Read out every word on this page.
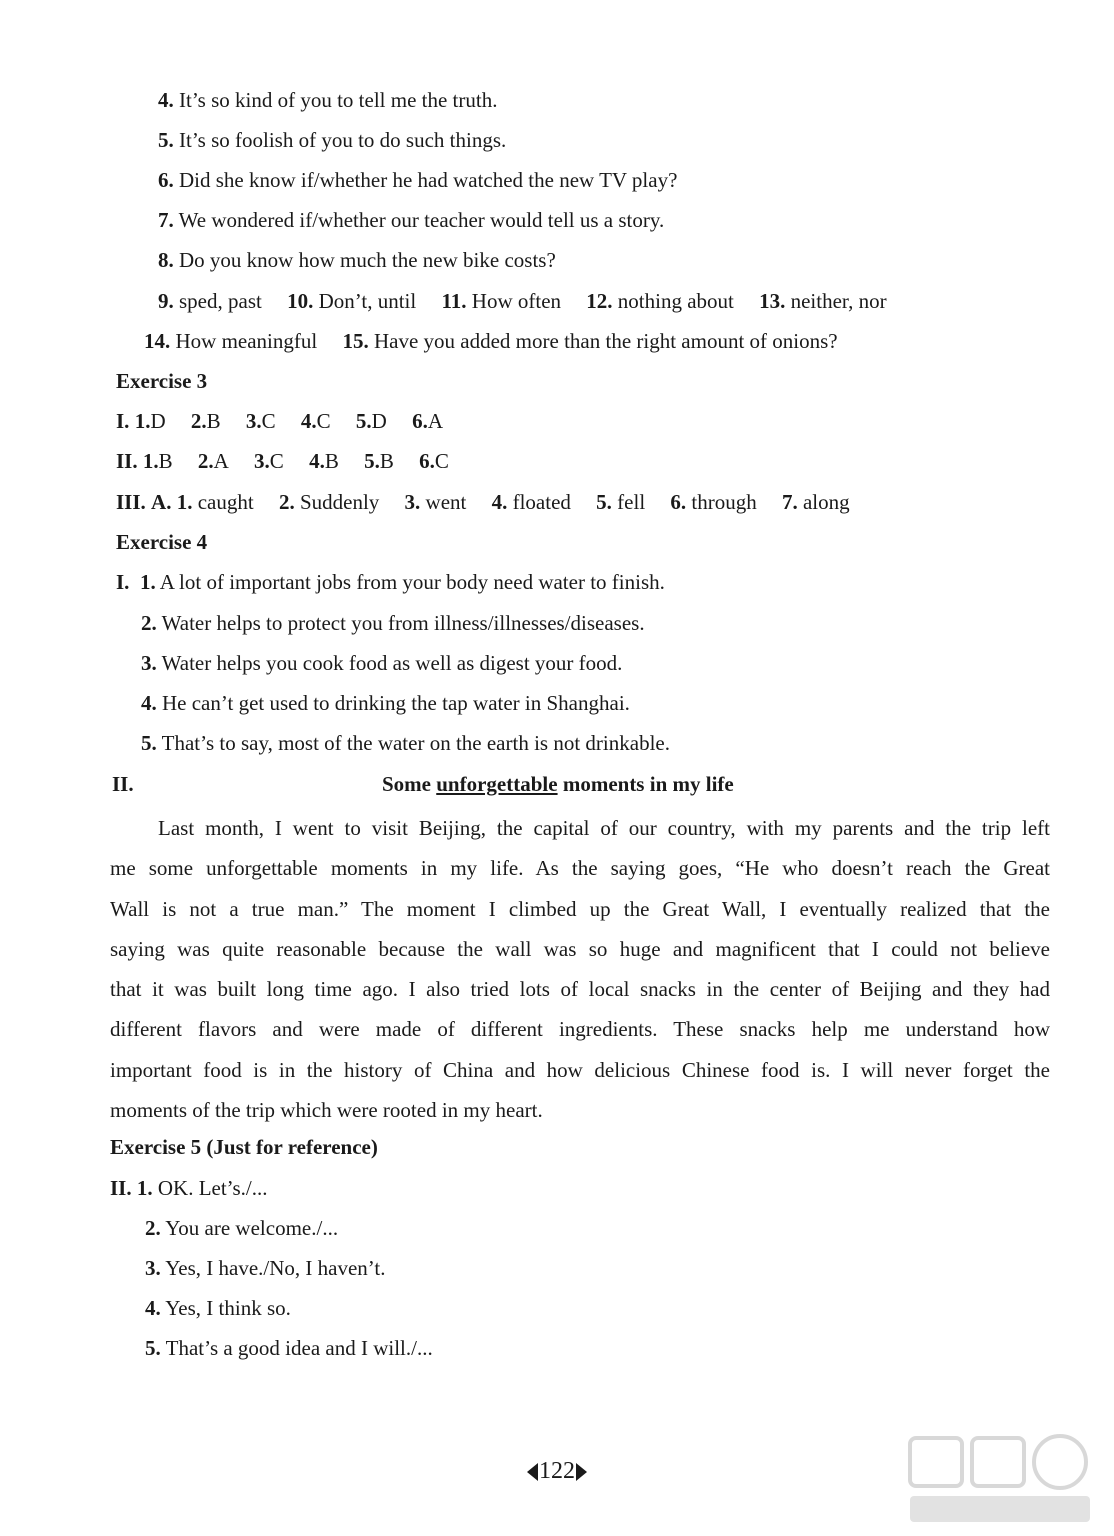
4. It’s so kind of you to tell me the truth.
5. It’s so foolish of you to do such things.
6. Did she know if/whether he had watched the new TV play?
7. We wondered if/whether our teacher would tell us a story.
8. Do you know how much the new bike costs?
9. sped, past 10. Don’t, until 11. How often 12. nothing about 13. neither, nor
14. How meaningful 15. Have you added more than the right amount of onions?
Exercise 3
I. 1.D 2.B 3.C 4.C 5.D 6.A
II. 1.B 2.A 3.C 4.B 5.B 6.C
III. A. 1. caught 2. Suddenly 3. went 4. floated 5. fell 6. through 7. along
Exercise 4
I. 1. A lot of important jobs from your body need water to finish.
2. Water helps to protect you from illness/illnesses/diseases.
3. Water helps you cook food as well as digest your food.
4. He can’t get used to drinking the tap water in Shanghai.
5. That’s to say, most of the water on the earth is not drinkable.
II.	Some unforgettable moments in my life
Last month, I went to visit Beijing, the capital of our country, with my parents and the trip left
me some unforgettable moments in my life. As the saying goes, “He who doesn’t reach the Great
Wall is not a true man.” The moment I climbed up the Great Wall, I eventually realized that the
saying was quite reasonable because the wall was so huge and magnificent that I could not believe
that it was built long time ago. I also tried lots of local snacks in the center of Beijing and they had
different flavors and were made of different ingredients. These snacks help me understand how
important food is in the history of China and how delicious Chinese food is. I will never forget the
moments of the trip which were rooted in my heart.
Exercise 5 (Just for reference)
II. 1. OK. Let’s./...
2. You are welcome./...
3. Yes, I have./No, I haven’t.
4. Yes, I think so.
5. That’s a good idea and I will./...
122
